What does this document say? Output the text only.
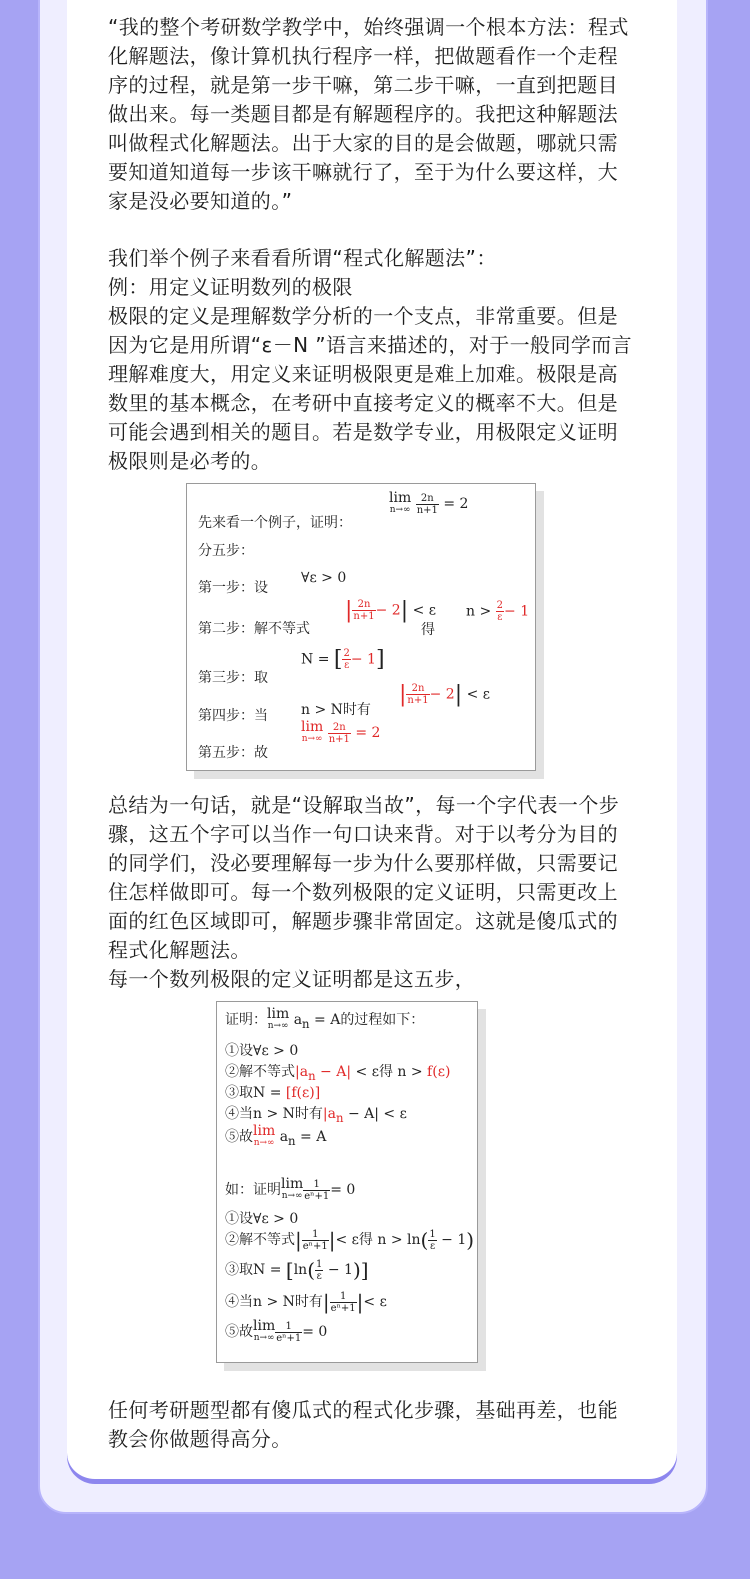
“我的整个考研数学教学中，始终强调一个根本方法：程式
化解题法，像计算机执行程序一样，把做题看作一个走程
序的过程，就是第一步干嘛，第二步干嘛，一直到把题目
做出来。每一类题目都是有解题程序的。我把这种解题法
叫做程式化解题法。出于大家的目的是会做题，哪就只需
要知道知道每一步该干嘛就行了，至于为什么要这样，大
家是没必要知道的。”
我们举个例子来看看所谓“程式化解题法”：
例：用定义证明数列的极限
极限的定义是理解数学分析的一个支点，非常重要。但是
因为它是用所谓“ε－N ”语言来描述的，对于一般同学而言
理解难度大，用定义来证明极限更是难上加难。极限是高
数里的基本概念，在考研中直接考定义的概率不大。但是
可能会遇到相关的题目。若是数学专业，用极限定义证明
极限则是必考的。
先来看一个例子，证明：
lim
n→∞
$\frac{2n}{n+1} = 2$
分五步：
第一步：设
∀ε > 0
第二步：解不等式
| $\frac{2n}{n+1} - 2| < \varepsilon$
得
$n > \frac{2}{\varepsilon} - 1$
第三步：取
N = [ $\frac{2}{\varepsilon} - 1$]
第四步：当 n > N时有
| $\frac{2n}{n+1} - 2| < \varepsilon$
第五步：故
lim
n→∞
$\frac{2n}{n+1} = 2$
总结为一句话，就是“设解取当故”，每一个字代表一个步
骤，这五个字可以当作一句口诀来背。对于以考分为目的
的同学们，没必要理解每一步为什么要那样做，只需要记
住怎样做即可。每一个数列极限的定义证明，只需更改上
面的红色区域即可，解题步骤非常固定。这就是傻瓜式的
程式化解题法。
每一个数列极限的定义证明都是这五步，
证明： lim
n→∞ $a_n = A$的过程如下：
①设∀ε > 0
②解不等式$|a_n - A| < \varepsilon$得 n > f(ε)
③取N = [f(ε)]
④当n > N时有$|a_n - A| < \varepsilon$
⑤故 lim
n→∞ $a_n = A$
如：证明 lim
$n\to\infty \frac{1}{\text{eⁿ+1}} = 0$
①设∀ε > 0
②解不等式| $\frac{1}{\text{eⁿ+1}}$ |< ε得 $n > \ln( \frac{1}{\varepsilon} - 1)$
③取$N = [\ln( \frac{1}{\varepsilon} - 1)]$
④当n > N时有| $\frac{1}{\text{eⁿ+1}}$ |< ε
⑤故 lim
$n\to\infty \frac{1}{\text{eⁿ+1}} = 0$
任何考研题型都有傻瓜式的程式化步骤，基础再差，也能
教会你做题得高分。
